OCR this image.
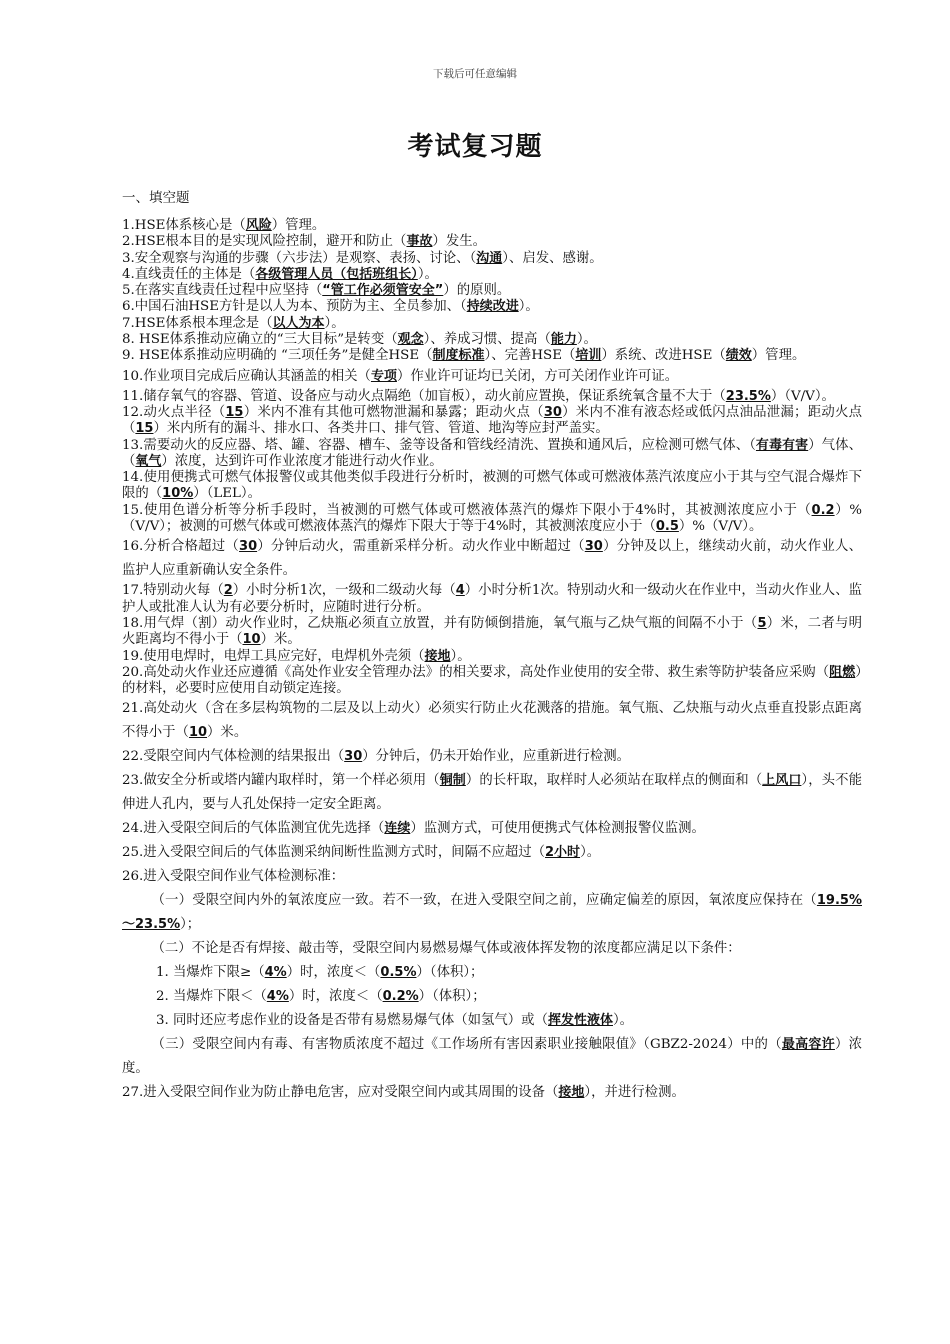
下载后可任意编辑
考试复习题
一、填空题

1.HSE体系核心是（风险）管理。

2.HSE根本目的是实现风险控制，避开和防止（事故）发生。

3.安全观察与沟通的步骤（六步法）是观察、表扬、讨论、（沟通）、启发、感谢。

4.直线责任的主体是（各级管理人员（包括班组长））。

5.在落实直线责任过程中应坚持（“管工作必须管安全”）的原则。

6.中国石油HSE方针是以人为本、预防为主、全员参加、（持续改进）。

7.HSE体系根本理念是（以人为本）。

8. HSE体系推动应确立的“三大目标”是转变（观念）、养成习惯、提高（能力）。

9. HSE体系推动应明确的 “三项任务”是健全HSE（制度标准）、完善HSE（培训）系统、改进HSE（绩效）管理。

10.作业项目完成后应确认其涵盖的相关（专项）作业许可证均已关闭，方可关闭作业许可证。

11.储存氧气的容器、管道、设备应与动火点隔绝（加盲板），动火前应置换，保证系统氧含量不大于（23.5%）（V/V）。

12.动火点半径（15）米内不准有其他可燃物泄漏和暴露；距动火点（30）米内不准有液态烃或低闪点油品泄漏；距动火点（15）米内所有的漏斗、排水口、各类井口、排气管、管道、地沟等应封严盖实。

13.需要动火的反应器、塔、罐、容器、槽车、釜等设备和管线经清洗、置换和通风后，应检测可燃气体、（有毒有害）气体、（氧气）浓度，达到许可作业浓度才能进行动火作业。

14.使用便携式可燃气体报警仪或其他类似手段进行分析时，被测的可燃气体或可燃液体蒸汽浓度应小于其与空气混合爆炸下限的（10%）（LEL）。

15.使用色谱分析等分析手段时，当被测的可燃气体或可燃液体蒸汽的爆炸下限小于4%时，其被测浓度应小于（0.2）%（V/V）；被测的可燃气体或可燃液体蒸汽的爆炸下限大于等于4%时，其被测浓度应小于（0.5）%（V/V）。

16.分析合格超过（30）分钟后动火，需重新采样分析。动火作业中断超过（30）分钟及以上，继续动火前，动火作业人、监护人应重新确认安全条件。

17.特别动火每（2）小时分析1次，一级和二级动火每（4）小时分析1次。特别动火和一级动火在作业中，当动火作业人、监护人或批准人认为有必要分析时，应随时进行分析。

18.用气焊（割）动火作业时，乙炔瓶必须直立放置，并有防倾倒措施，氧气瓶与乙炔气瓶的间隔不小于（5）米，二者与明火距离均不得小于（10）米。

19.使用电焊时，电焊工具应完好，电焊机外壳须（接地）。

20.高处动火作业还应遵循《高处作业安全管理办法》的相关要求，高处作业使用的安全带、救生索等防护装备应采购（阻燃）的材料，必要时应使用自动锁定连接。

21.高处动火（含在多层构筑物的二层及以上动火）必须实行防止火花溅落的措施。氧气瓶、乙炔瓶与动火点垂直投影点距离不得小于（10）米。

22.受限空间内气体检测的结果报出（30）分钟后，仍未开始作业，应重新进行检测。

23.做安全分析或塔内罐内取样时，第一个样必须用（铜制）的长杆取，取样时人必须站在取样点的侧面和（上风口），头不能伸进人孔内，要与人孔处保持一定安全距离。

24.进入受限空间后的气体监测宜优先选择（连续）监测方式，可使用便携式气体检测报警仪监测。

25.进入受限空间后的气体监测采纳间断性监测方式时，间隔不应超过（2小时）。

26.进入受限空间作业气体检测标准：

（一）受限空间内外的氧浓度应一致。若不一致，在进入受限空间之前，应确定偏差的原因，氧浓度应保持在（19.5%～23.5%）；

（二）不论是否有焊接、敲击等，受限空间内易燃易爆气体或液体挥发物的浓度都应满足以下条件：

1. 当爆炸下限≥（4%）时，浓度＜（0.5%）（体积）；

2. 当爆炸下限＜（4%）时，浓度＜（0.2%）（体积）；

3. 同时还应考虑作业的设备是否带有易燃易爆气体（如氢气）或（挥发性液体）。

（三）受限空间内有毒、有害物质浓度不超过《工作场所有害因素职业接触限值》（GBZ2-2024）中的（最高容许）浓度。

27.进入受限空间作业为防止静电危害，应对受限空间内或其周围的设备（接地），并进行检测。
